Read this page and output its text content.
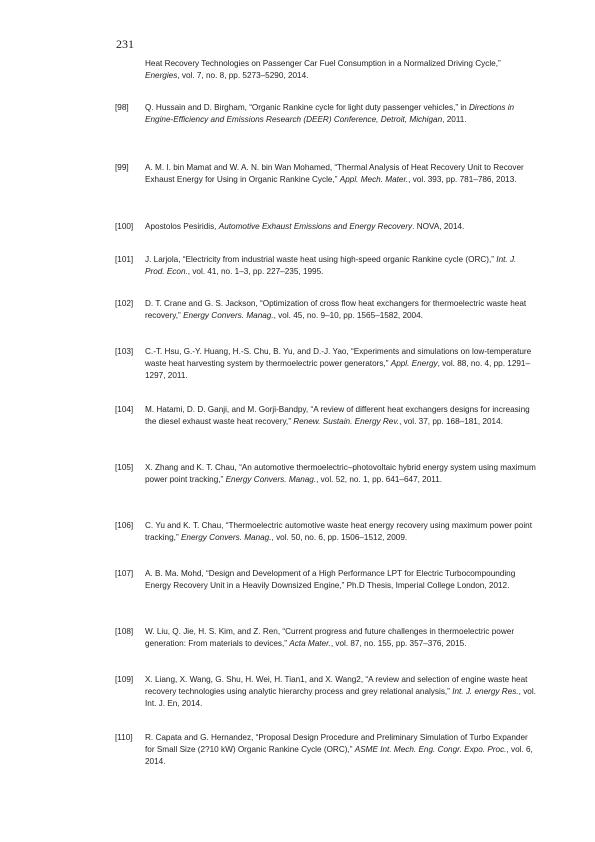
231
Heat Recovery Technologies on Passenger Car Fuel Consumption in a Normalized Driving Cycle,” Energies, vol. 7, no. 8, pp. 5273–5290, 2014.
[98] Q. Hussain and D. Birgham, “Organic Rankine cycle for light duty passenger vehicles,” in Directions in Engine-Efficiency and Emissions Research (DEER) Conference, Detroit, Michigan, 2011.
[99] A. M. I. bin Mamat and W. A. N. bin Wan Mohamed, “Thermal Analysis of Heat Recovery Unit to Recover Exhaust Energy for Using in Organic Rankine Cycle,” Appl. Mech. Mater., vol. 393, pp. 781–786, 2013.
[100] Apostolos Pesiridis, Automotive Exhaust Emissions and Energy Recovery. NOVA, 2014.
[101] J. Larjola, “Electricity from industrial waste heat using high-speed organic Rankine cycle (ORC),” Int. J. Prod. Econ., vol. 41, no. 1–3, pp. 227–235, 1995.
[102] D. T. Crane and G. S. Jackson, “Optimization of cross flow heat exchangers for thermoelectric waste heat recovery,” Energy Convers. Manag., vol. 45, no. 9–10, pp. 1565–1582, 2004.
[103] C.-T. Hsu, G.-Y. Huang, H.-S. Chu, B. Yu, and D.-J. Yao, “Experiments and simulations on low-temperature waste heat harvesting system by thermoelectric power generators,” Appl. Energy, vol. 88, no. 4, pp. 1291–1297, 2011.
[104] M. Hatami, D. D. Ganji, and M. Gorji-Bandpy, “A review of different heat exchangers designs for increasing the diesel exhaust waste heat recovery,” Renew. Sustain. Energy Rev., vol. 37, pp. 168–181, 2014.
[105] X. Zhang and K. T. Chau, “An automotive thermoelectric–photovoltaic hybrid energy system using maximum power point tracking,” Energy Convers. Manag., vol. 52, no. 1, pp. 641–647, 2011.
[106] C. Yu and K. T. Chau, “Thermoelectric automotive waste heat energy recovery using maximum power point tracking,” Energy Convers. Manag., vol. 50, no. 6, pp. 1506–1512, 2009.
[107] A. B. Ma. Mohd, “Design and Development of a High Performance LPT for Electric Turbocompounding Energy Recovery Unit in a Heavily Downsized Engine,” Ph.D Thesis, Imperial College London, 2012.
[108] W. Liu, Q. Jie, H. S. Kim, and Z. Ren, “Current progress and future challenges in thermoelectric power generation: From materials to devices,” Acta Mater., vol. 87, no. 155, pp. 357–376, 2015.
[109] X. Liang, X. Wang, G. Shu, H. Wei, H. Tian1, and X. Wang2, “A review and selection of engine waste heat recovery technologies using analytic hierarchy process and grey relational analysis,” Int. J. energy Res., vol. Int. J. En, 2014.
[110] R. Capata and G. Hernandez, “Proposal Design Procedure and Preliminary Simulation of Turbo Expander for Small Size (2?10 kW) Organic Rankine Cycle (ORC),” ASME Int. Mech. Eng. Congr. Expo. Proc., vol. 6, 2014.
